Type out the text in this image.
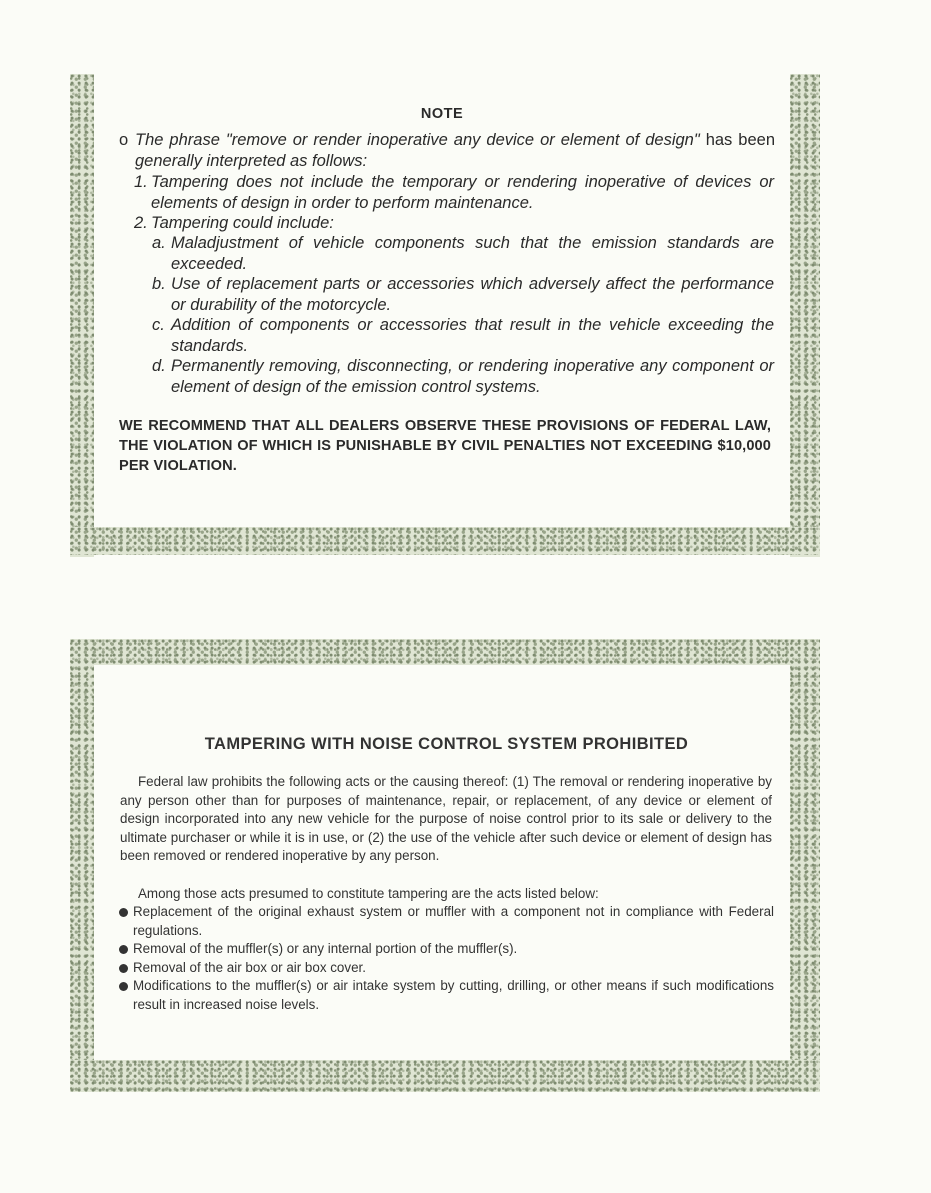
NOTE
o The phrase "remove or render inoperative any device or element of design" has been generally interpreted as follows:
1. Tampering does not include the temporary or rendering inoperative of devices or elements of design in order to perform maintenance.
2. Tampering could include:
a. Maladjustment of vehicle components such that the emission standards are exceeded.
b. Use of replacement parts or accessories which adversely affect the performance or durability of the motorcycle.
c. Addition of components or accessories that result in the vehicle exceeding the standards.
d. Permanently removing, disconnecting, or rendering inoperative any component or element of design of the emission control systems.
WE RECOMMEND THAT ALL DEALERS OBSERVE THESE PROVISIONS OF FEDERAL LAW, THE VIOLATION OF WHICH IS PUNISHABLE BY CIVIL PENALTIES NOT EXCEEDING $10,000 PER VIOLATION.
TAMPERING WITH NOISE CONTROL SYSTEM PROHIBITED
Federal law prohibits the following acts or the causing thereof: (1) The removal or rendering inoperative by any person other than for purposes of maintenance, repair, or replacement, of any device or element of design incorporated into any new vehicle for the purpose of noise control prior to its sale or delivery to the ultimate purchaser or while it is in use, or (2) the use of the vehicle after such device or element of design has been removed or rendered inoperative by any person.
Among those acts presumed to constitute tampering are the acts listed below:
Replacement of the original exhaust system or muffler with a component not in compliance with Federal regulations.
Removal of the muffler(s) or any internal portion of the muffler(s).
Removal of the air box or air box cover.
Modifications to the muffler(s) or air intake system by cutting, drilling, or other means if such modifications result in increased noise levels.
